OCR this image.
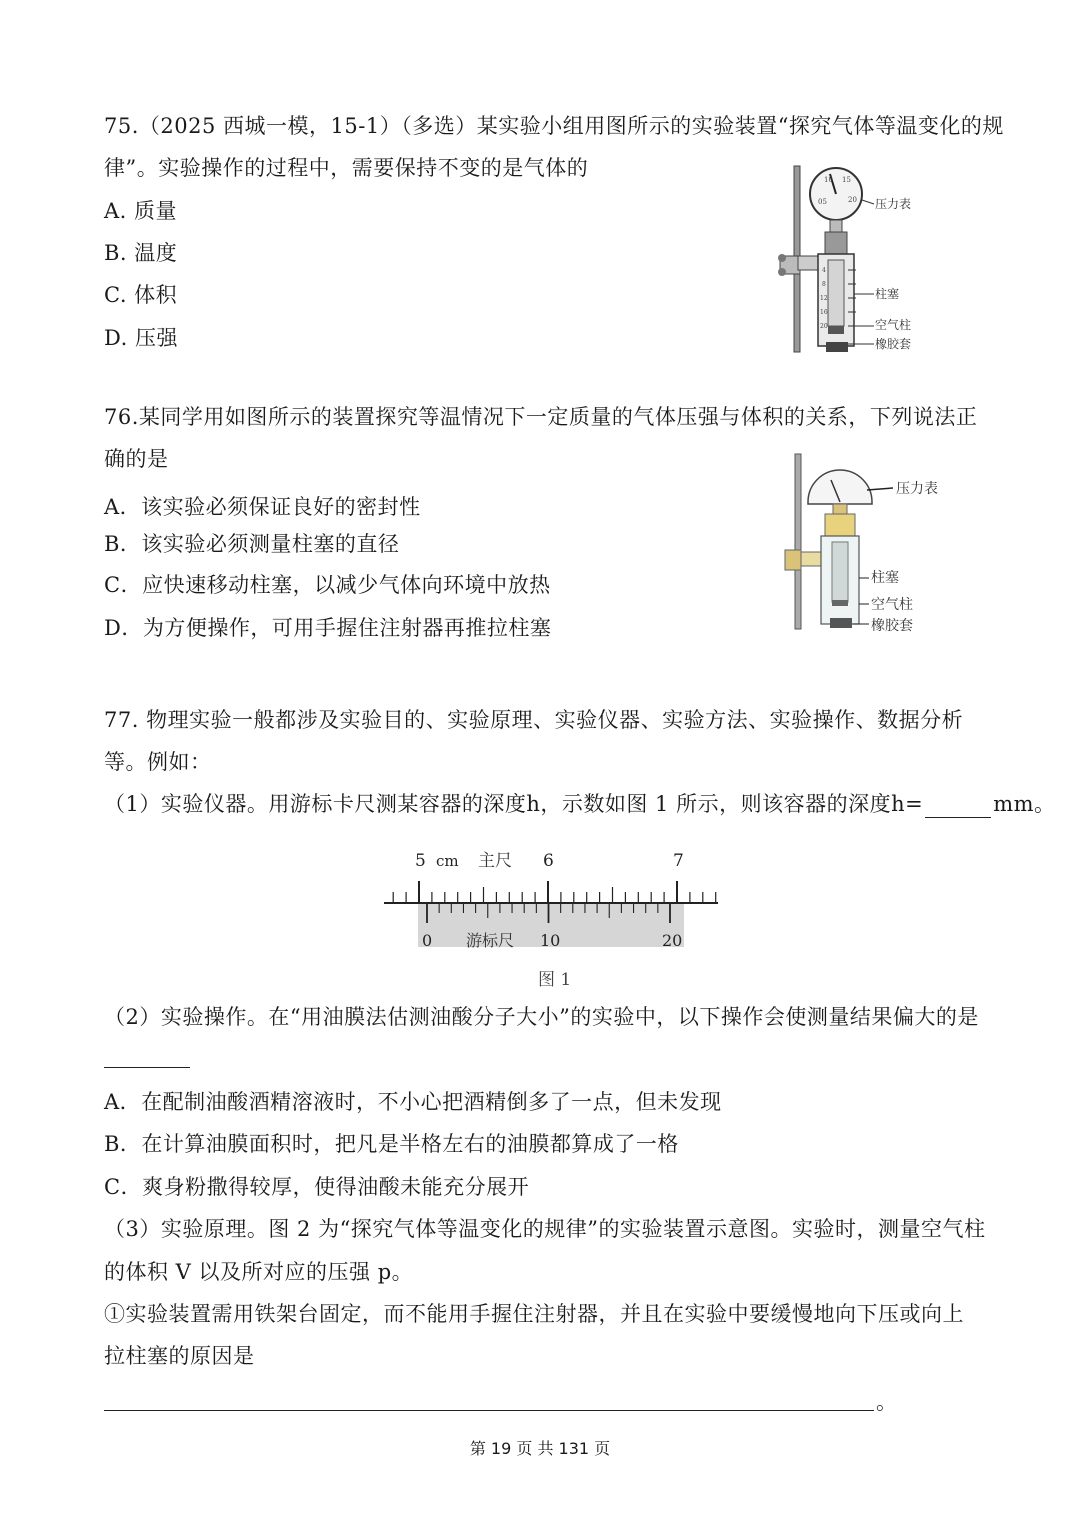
75.（2025 西城一模，15-1）（多选）某实验小组用图所示的实验装置“探究气体等温变化的规
律”。实验操作的过程中，需要保持不变的是气体的
A. 质量
B. 温度
C. 体积
D. 压强
05
10 15
20
4
8
12
16
20
压力表
柱塞
空气柱
橡胶套
76.某同学用如图所示的装置探究等温情况下一定质量的气体压强与体积的关系，下列说法正
确的是
A．该实验必须保证良好的密封性
B．该实验必须测量柱塞的直径
C．应快速移动柱塞，以减少气体向环境中放热
D．为方便操作，可用手握住注射器再推拉柱塞
压力表
柱塞
空气柱
橡胶套
77. 物理实验一般都涉及实验目的、实验原理、实验仪器、实验方法、实验操作、数据分析
等。例如：
（1）实验仪器。用游标卡尺测某容器的深度h，示数如图 1 所示，则该容器的深度h=	mm。
5 cm 主尺 6	7
0 游标尺 10	20
图 1
（2）实验操作。在“用油膜法估测油酸分子大小”的实验中，以下操作会使测量结果偏大的是
A．在配制油酸酒精溶液时，不小心把酒精倒多了一点，但未发现
B．在计算油膜面积时，把凡是半格左右的油膜都算成了一格
C．爽身粉撒得较厚，使得油酸未能充分展开
（3）实验原理。图 2 为“探究气体等温变化的规律”的实验装置示意图。实验时，测量空气柱
的体积 V 以及所对应的压强 p。
①实验装置需用铁架台固定，而不能用手握住注射器，并且在实验中要缓慢地向下压或向上
拉柱塞的原因是
。
第 19 页 共 131 页
